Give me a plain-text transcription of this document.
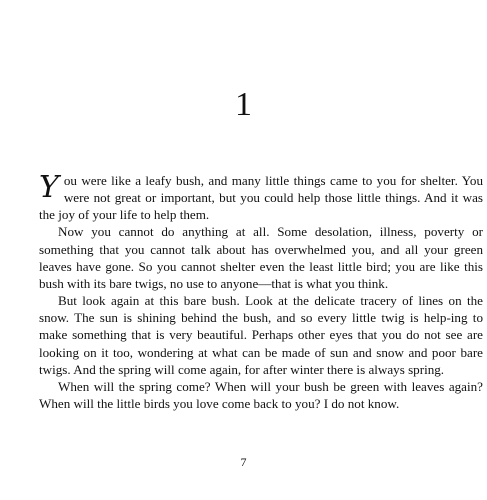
1

You were like a leafy bush, and many little things came to you for shelter. You were not great or important, but you could help those little things. And it was the joy of your life to help them.

Now you cannot do anything at all. Some desolation, illness, poverty or something that you cannot talk about has overwhelmed you, and all your green leaves have gone. So you cannot shelter even the least little bird; you are like this bush with its bare twigs, no use to anyone—that is what you think.

But look again at this bare bush. Look at the delicate tracery of lines on the snow. The sun is shining behind the bush, and so every little twig is help-ing to make something that is very beautiful. Perhaps other eyes that you do not see are looking on it too, wondering at what can be made of sun and snow and poor bare twigs. And the spring will come again, for after winter there is always spring.

When will the spring come? When will your bush be green with leaves again? When will the little birds you love come back to you? I do not know.

7
